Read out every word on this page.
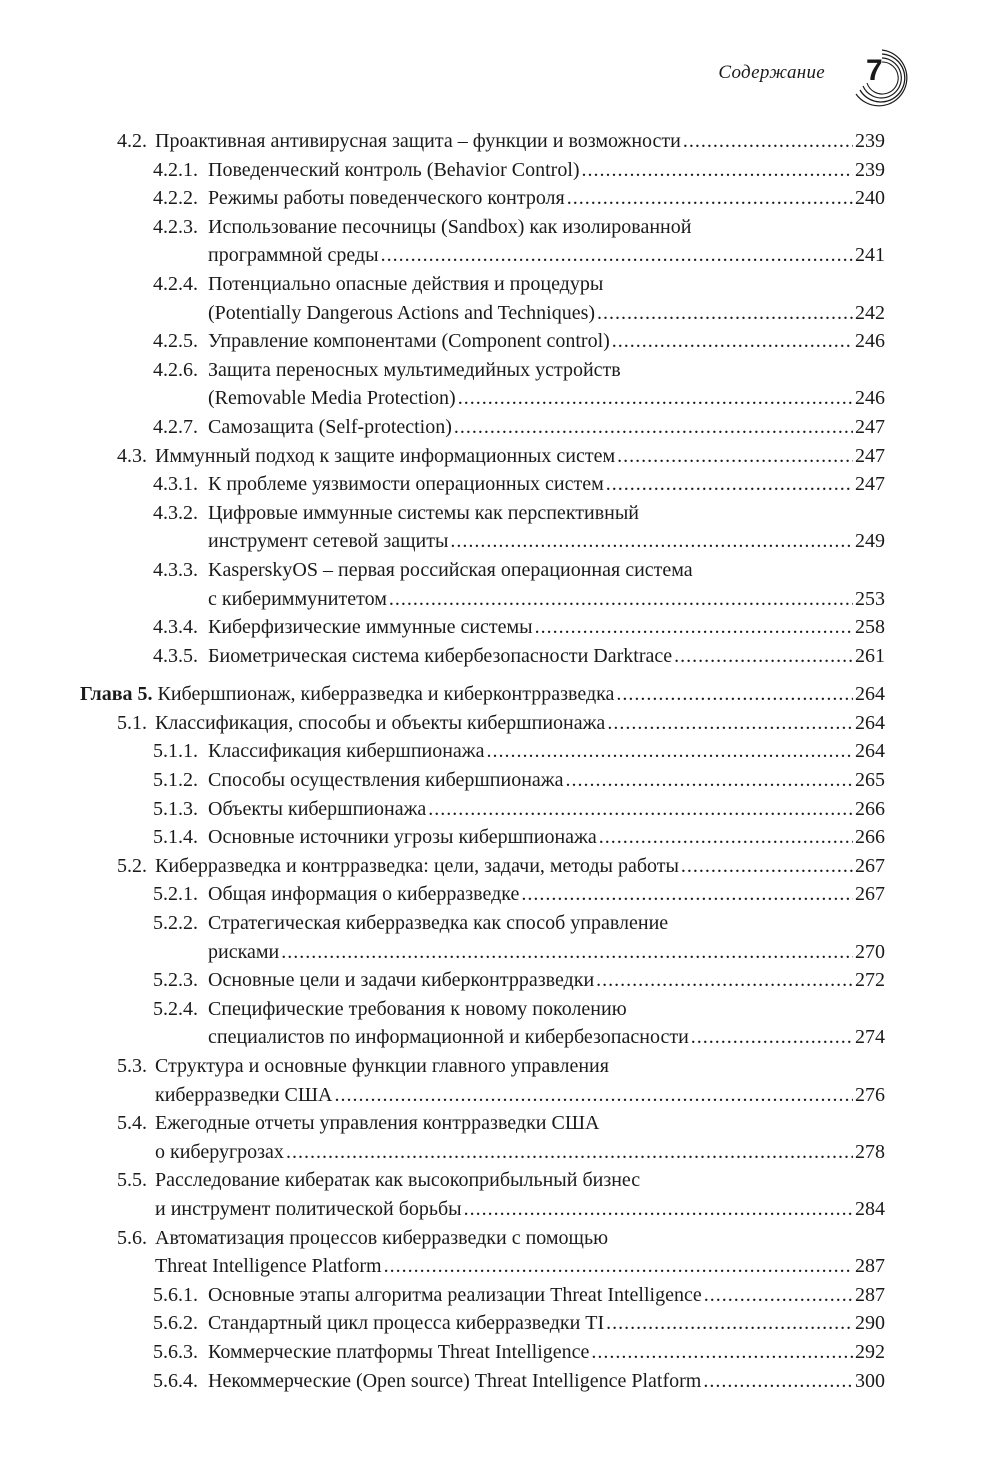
Содержание 7
4.2. Проактивная антивирусная защита – функции и возможности .....	239
4.2.1. Поведенческий контроль (Behavior Control) .....	239
4.2.2. Режимы работы поведенческого контроля .....	240
4.2.3. Использование песочницы (Sandbox) как изолированной
программной среды .....	241
4.2.4. Потенциально опасные действия и процедуры
(Potentially Dangerous Actions and Techniques) .....	242
4.2.5. Управление компонентами (Component control) .....	246
4.2.6. Защита переносных мультимедийных устройств
(Removable Media Protection) .....	246
4.2.7. Самозащита (Self-protection) .....	247
4.3. Иммунный подход к защите информационных систем .....	247
4.3.1. К проблеме уязвимости операционных систем .....	247
4.3.2. Цифровые иммунные системы как перспективный
инструмент сетевой защиты .....	249
4.3.3. KasperskyOS – первая российская операционная система
с кибериммунитетом .....	253
4.3.4. Киберфизические иммунные системы .....	258
4.3.5. Биометрическая система кибербезопасности Darktrace .....	261
Глава 5.
Кибершпионаж, киберразведка и киберконтрразведка .....	264
5.1. Классификация, способы и объекты кибершпионажа .....	264
5.1.1. Классификация кибершпионажа .....	264
5.1.2. Способы осуществления кибершпионажа .....	265
5.1.3. Объекты кибершпионажа .....	266
5.1.4. Основные источники угрозы кибершпионажа .....	266
5.2. Киберразведка и контрразведка: цели, задачи, методы работы .....	267
5.2.1. Общая информация о киберразведке .....	267
5.2.2. Стратегическая киберразведка как способ управление
рисками .....	270
5.2.3. Основные цели и задачи киберконтрразведки .....	272
5.2.4. Специфические требования к новому поколению
специалистов по информационной и кибербезопасности .....	274
5.3. Структура и основные функции главного управления
киберразведки США .....	276
5.4. Ежегодные отчеты управления контрразведки США
о киберугрозах .....	278
5.5. Расследование кибератак как высокоприбыльный бизнес
и инструмент политической борьбы .....	284
5.6. Автоматизация процессов киберразведки с помощью
Threat Intelligence Platform .....	287
5.6.1. Основные этапы алгоритма реализации Threat Intelligence .....	287
5.6.2. Стандартный цикл процесса киберразведки TI .....	290
5.6.3. Коммерческие платформы Threat Intelligence .....	292
5.6.4. Некоммерческие (Open source) Threat Intelligence Platform .....	300
